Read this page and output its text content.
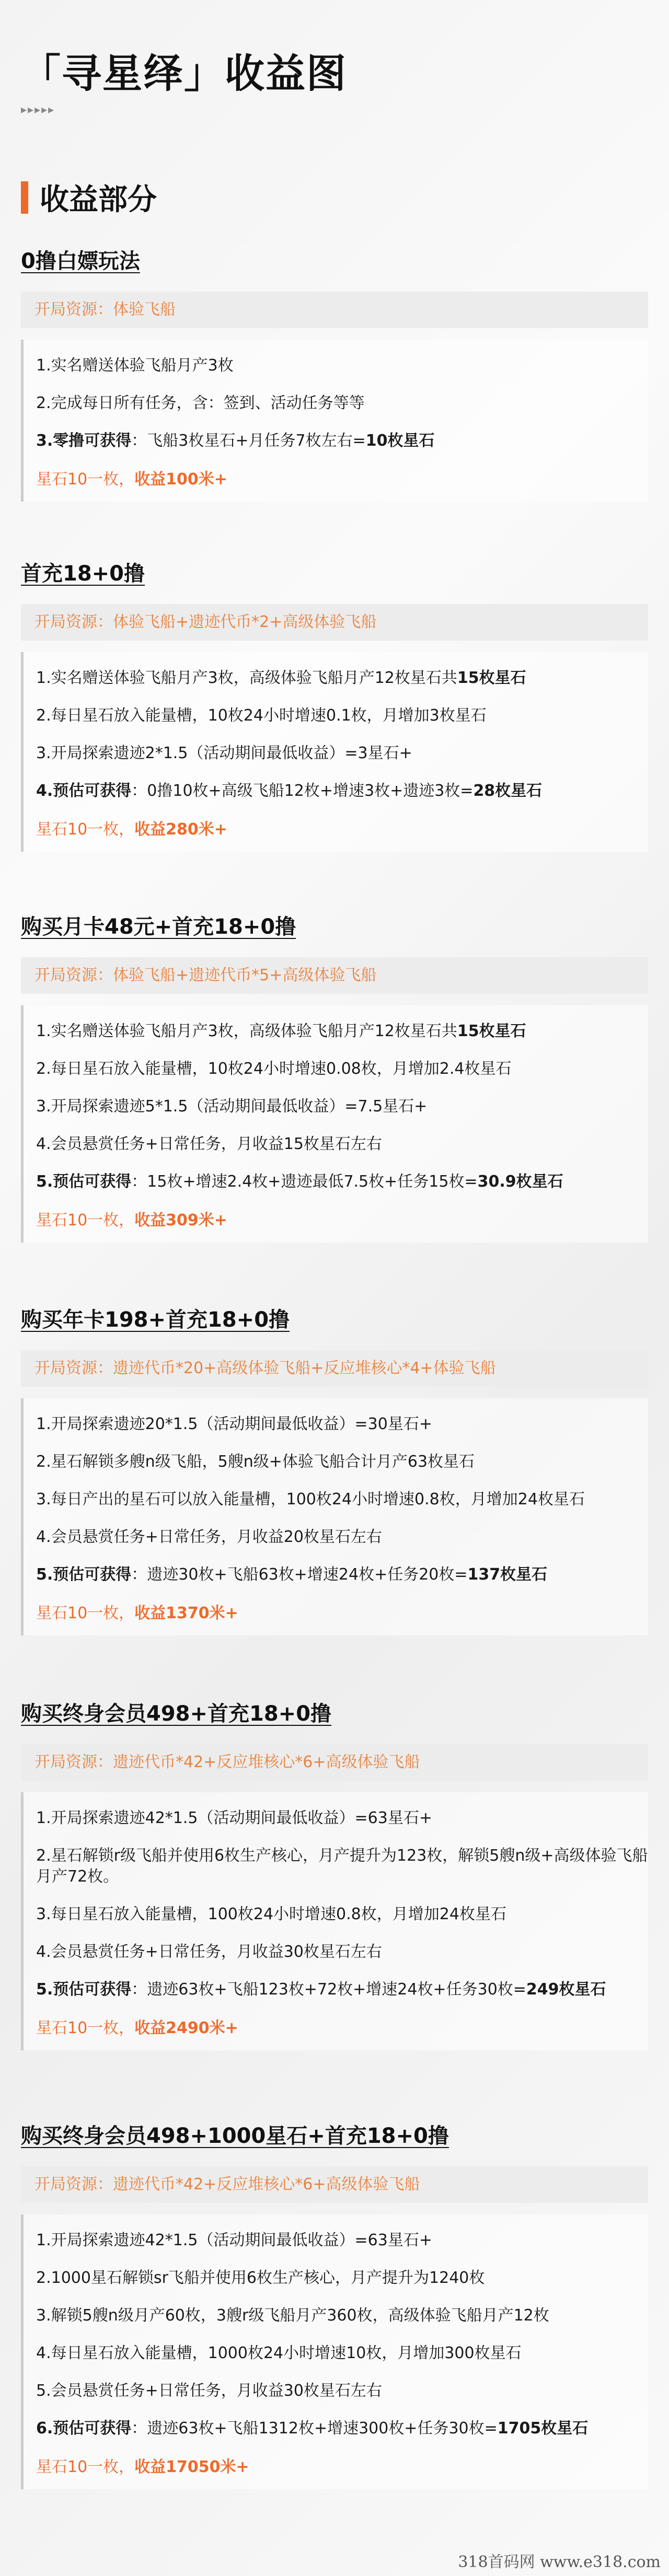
「寻星绎」收益图
▸▸▸▸▸
收益部分
0撸白嫖玩法
开局资源：体验飞船
1.实名赠送体验飞船月产3枚
2.完成每日所有任务，含：签到、活动任务等等
3.零撸可获得：飞船3枚星石+月任务7枚左右=10枚星石
星石10一枚，收益100米+
首充18+0撸
开局资源：体验飞船+遗迹代币*2+高级体验飞船
1.实名赠送体验飞船月产3枚，高级体验飞船月产12枚星石共15枚星石
2.每日星石放入能量槽，10枚24小时增速0.1枚，月增加3枚星石
3.开局探索遗迹2*1.5（活动期间最低收益）=3星石+
4.预估可获得：0撸10枚+高级飞船12枚+增速3枚+遗迹3枚=28枚星石
星石10一枚，收益280米+
购买月卡48元+首充18+0撸
开局资源：体验飞船+遗迹代币*5+高级体验飞船
1.实名赠送体验飞船月产3枚，高级体验飞船月产12枚星石共15枚星石
2.每日星石放入能量槽，10枚24小时增速0.08枚，月增加2.4枚星石
3.开局探索遗迹5*1.5（活动期间最低收益）=7.5星石+
4.会员悬赏任务+日常任务，月收益15枚星石左右
5.预估可获得：15枚+增速2.4枚+遗迹最低7.5枚+任务15枚=30.9枚星石
星石10一枚，收益309米+
购买年卡198+首充18+0撸
开局资源：遗迹代币*20+高级体验飞船+反应堆核心*4+体验飞船
1.开局探索遗迹20*1.5（活动期间最低收益）=30星石+
2.星石解锁多艘n级飞船，5艘n级+体验飞船合计月产63枚星石
3.每日产出的星石可以放入能量槽，100枚24小时增速0.8枚，月增加24枚星石
4.会员悬赏任务+日常任务，月收益20枚星石左右
5.预估可获得：遗迹30枚+飞船63枚+增速24枚+任务20枚=137枚星石
星石10一枚，收益1370米+
购买终身会员498+首充18+0撸
开局资源：遗迹代币*42+反应堆核心*6+高级体验飞船
1.开局探索遗迹42*1.5（活动期间最低收益）=63星石+
2.星石解锁r级飞船并使用6枚生产核心，月产提升为123枚，解锁5艘n级+高级体验飞船月产72枚。
3.每日星石放入能量槽，100枚24小时增速0.8枚，月增加24枚星石
4.会员悬赏任务+日常任务，月收益30枚星石左右
5.预估可获得：遗迹63枚+飞船123枚+72枚+增速24枚+任务30枚=249枚星石
星石10一枚，收益2490米+
购买终身会员498+1000星石+首充18+0撸
开局资源：遗迹代币*42+反应堆核心*6+高级体验飞船
1.开局探索遗迹42*1.5（活动期间最低收益）=63星石+
2.1000星石解锁sr飞船并使用6枚生产核心，月产提升为1240枚
3.解锁5艘n级月产60枚，3艘r级飞船月产360枚，高级体验飞船月产12枚
4.每日星石放入能量槽，1000枚24小时增速10枚，月增加300枚星石
5.会员悬赏任务+日常任务，月收益30枚星石左右
6.预估可获得：遗迹63枚+飞船1312枚+增速300枚+任务30枚=1705枚星石
星石10一枚，收益17050米+
318首码网 www.e318.com
